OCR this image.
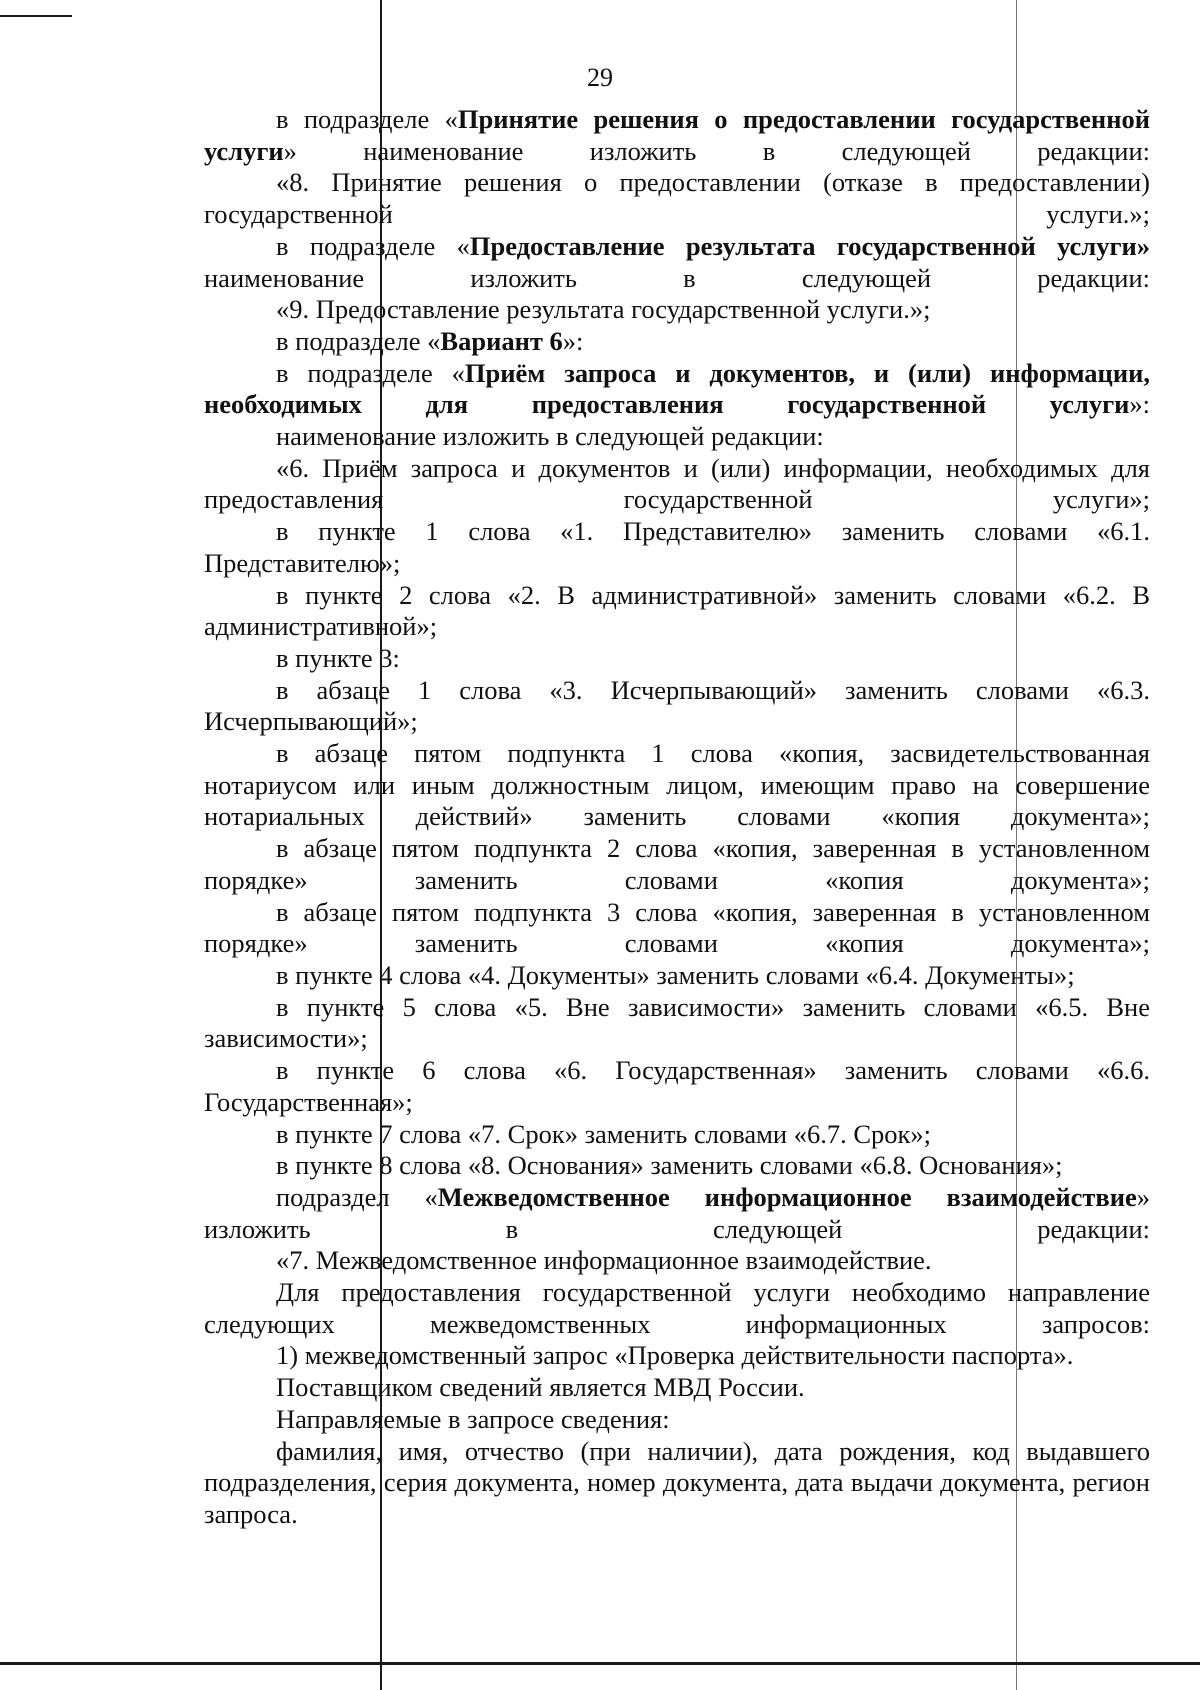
29

в подразделе «Принятие решения о предоставлении государственной услуги» наименование изложить в следующей редакции:

«8. Принятие решения о предоставлении (отказе в предоставлении) государственной услуги.»;

в подразделе «Предоставление результата государственной услуги» наименование изложить в следующей редакции:

«9. Предоставление результата государственной услуги.»;

в подразделе «Вариант 6»:

в подразделе «Приём запроса и документов, и (или) информации, необходимых для предоставления государственной услуги»:

наименование изложить в следующей редакции:

«6. Приём запроса и документов и (или) информации, необходимых для предоставления государственной услуги»;

в пункте 1 слова «1. Представителю» заменить словами «6.1. Представителю»;

в пункте 2 слова «2. В административной» заменить словами «6.2. В административной»;

в пункте 3:

в абзаце 1 слова «3. Исчерпывающий» заменить словами «6.3. Исчерпывающий»;

в абзаце пятом подпункта 1 слова «копия, засвидетельствованная нотариусом или иным должностным лицом, имеющим право на совершение нотариальных действий» заменить словами «копия документа»;

в абзаце пятом подпункта 2 слова «копия, заверенная в установленном порядке» заменить словами «копия документа»;

в абзаце пятом подпункта 3 слова «копия, заверенная в установленном порядке» заменить словами «копия документа»;

в пункте 4 слова «4. Документы» заменить словами «6.4. Документы»;

в пункте 5 слова «5. Вне зависимости» заменить словами «6.5. Вне зависимости»;

в пункте 6 слова «6. Государственная» заменить словами «6.6. Государственная»;

в пункте 7 слова «7. Срок» заменить словами «6.7. Срок»;

в пункте 8 слова «8. Основания» заменить словами «6.8. Основания»;

подраздел «Межведомственное информационное взаимодействие» изложить в следующей редакции:

«7. Межведомственное информационное взаимодействие.

Для предоставления государственной услуги необходимо направление следующих межведомственных информационных запросов:

1) межведомственный запрос «Проверка действительности паспорта».

Поставщиком сведений является МВД России.

Направляемые в запросе сведения:

фамилия, имя, отчество (при наличии), дата рождения, код выдавшего подразделения, серия документа, номер документа, дата выдачи документа, регион запроса.
